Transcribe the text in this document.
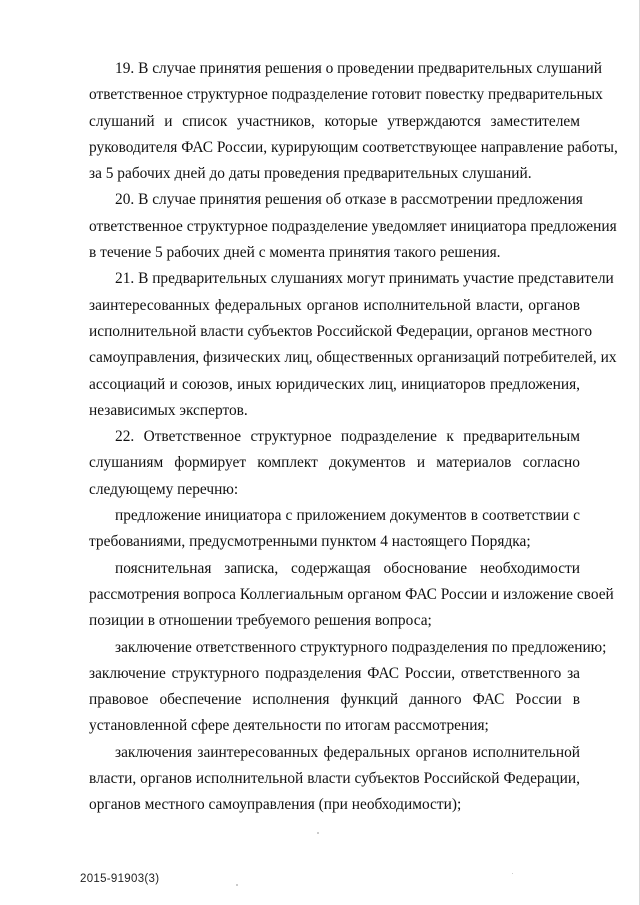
19. В случае принятия решения о проведении предварительных слушаний
ответственное структурное подразделение готовит повестку предварительных
слушаний и список участников, которые утверждаются заместителем
руководителя ФАС России, курирующим соответствующее направление работы,
за 5 рабочих дней до даты проведения предварительных слушаний.
20. В случае принятия решения об отказе в рассмотрении предложения
ответственное структурное подразделение уведомляет инициатора предложения
в течение 5 рабочих дней с момента принятия такого решения.
21. В предварительных слушаниях могут принимать участие представители
заинтересованных федеральных органов исполнительной власти, органов
исполнительной власти субъектов Российской Федерации, органов местного
самоуправления, физических лиц, общественных организаций потребителей, их
ассоциаций и союзов, иных юридических лиц, инициаторов предложения,
независимых экспертов.
22. Ответственное структурное подразделение к предварительным
слушаниям формирует комплект документов и материалов согласно
следующему перечню:
предложение инициатора с приложением документов в соответствии с
требованиями, предусмотренными пунктом 4 настоящего Порядка;
пояснительная записка, содержащая обоснование необходимости
рассмотрения вопроса Коллегиальным органом ФАС России и изложение своей
позиции в отношении требуемого решения вопроса;
заключение ответственного структурного подразделения по предложению;
заключение структурного подразделения ФАС России, ответственного за
правовое обеспечение исполнения функций данного ФАС России в
установленной сфере деятельности по итогам рассмотрения;
заключения заинтересованных федеральных органов исполнительной
власти, органов исполнительной власти субъектов Российской Федерации,
органов местного самоуправления (при необходимости);
2015-91903(3)
